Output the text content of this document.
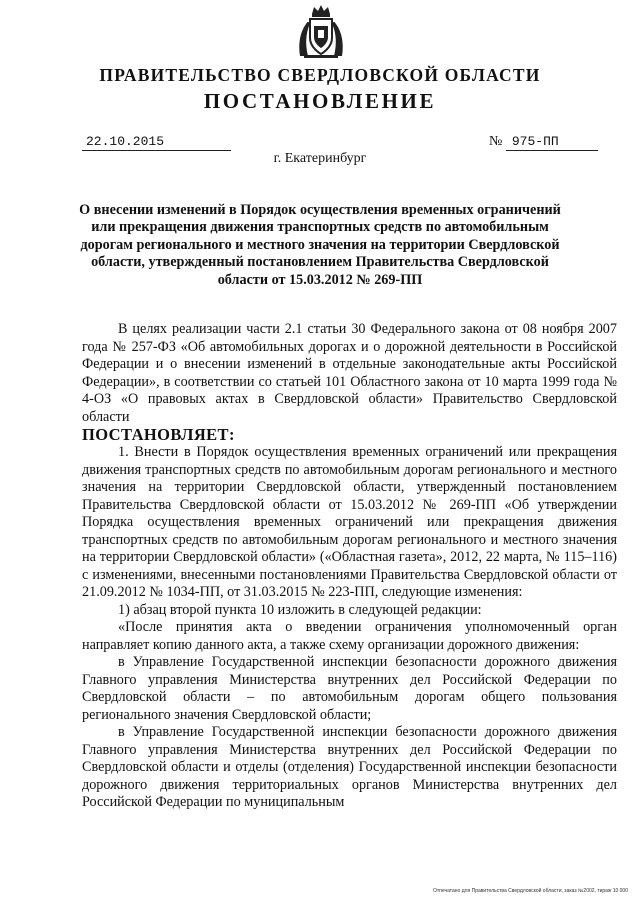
ПРАВИТЕЛЬСТВО СВЕРДЛОВСКОЙ ОБЛАСТИ
ПОСТАНОВЛЕНИЕ
22.10.2015	№ 975-ПП
г. Екатеринбург
О внесении изменений в Порядок осуществления временных ограничений или прекращения движения транспортных средств по автомобильным дорогам регионального и местного значения на территории Свердловской области, утвержденный постановлением Правительства Свердловской области от 15.03.2012 № 269-ПП

В целях реализации части 2.1 статьи 30 Федерального закона от 08 ноября 2007 года № 257-ФЗ «Об автомобильных дорогах и о дорожной деятельности в Российской Федерации и о внесении изменений в отдельные законодательные акты Российской Федерации», в соответствии со статьей 101 Областного закона от 10 марта 1999 года № 4-ОЗ «О правовых актах в Свердловской области» Правительство Свердловской области

ПОСТАНОВЛЯЕТ:

1. Внести в Порядок осуществления временных ограничений или прекращения движения транспортных средств по автомобильным дорогам регионального и местного значения на территории Свердловской области, утвержденный постановлением Правительства Свердловской области от 15.03.2012 № 269-ПП «Об утверждении Порядка осуществления временных ограничений или прекращения движения транспортных средств по автомобильным дорогам регионального и местного значения на территории Свердловской области» («Областная газета», 2012, 22 марта, № 115–116) с изменениями, внесенными постановлениями Правительства Свердловской области от 21.09.2012 № 1034-ПП, от 31.03.2015 № 223-ПП, следующие изменения:

1) абзац второй пункта 10 изложить в следующей редакции:

«После принятия акта о введении ограничения уполномоченный орган направляет копию данного акта, а также схему организации дорожного движения:

в Управление Государственной инспекции безопасности дорожного движения Главного управления Министерства внутренних дел Российской Федерации по Свердловской области – по автомобильным дорогам общего пользования регионального значения Свердловской области;

в Управление Государственной инспекции безопасности дорожного движения Главного управления Министерства внутренних дел Российской Федерации по Свердловской области и отделы (отделения) Государственной инспекции безопасности дорожного движения территориальных органов Министерства внутренних дел Российской Федерации по муниципальным

Отпечатано для Правительства Свердловской области, заказ №2002, тираж 10 000
